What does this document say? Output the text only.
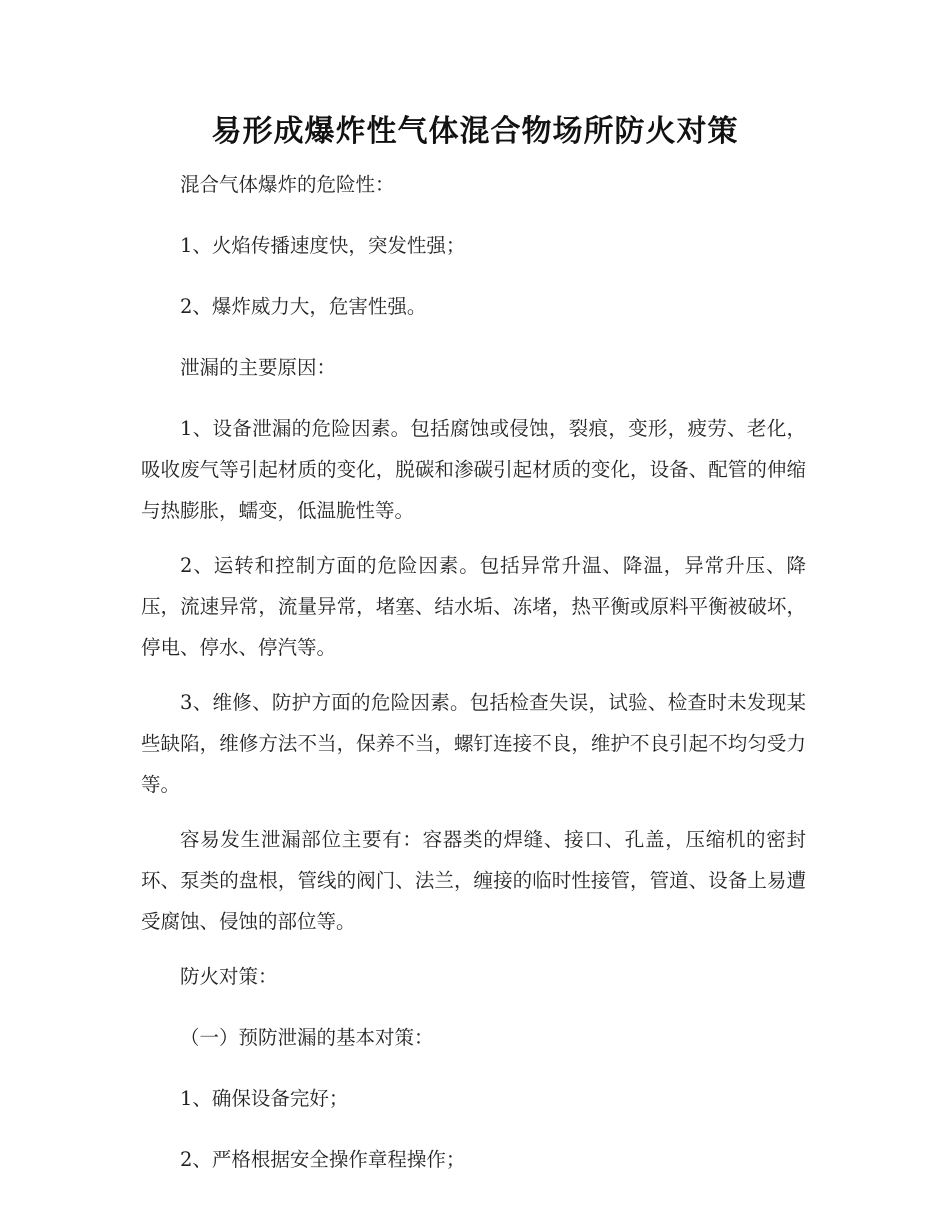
易形成爆炸性气体混合物场所防火对策

混合气体爆炸的危险性：

1、火焰传播速度快，突发性强；

2、爆炸威力大，危害性强。

泄漏的主要原因：

1、设备泄漏的危险因素。包括腐蚀或侵蚀，裂痕，变形，疲劳、老化，吸收废气等引起材质的变化，脱碳和渗碳引起材质的变化，设备、配管的伸缩与热膨胀，蠕变，低温脆性等。

2、运转和控制方面的危险因素。包括异常升温、降温，异常升压、降压，流速异常，流量异常，堵塞、结水垢、冻堵，热平衡或原料平衡被破坏，停电、停水、停汽等。

3、维修、防护方面的危险因素。包括检查失误，试验、检查时未发现某些缺陷，维修方法不当，保养不当，螺钉连接不良，维护不良引起不均匀受力等。

容易发生泄漏部位主要有：容器类的焊缝、接口、孔盖，压缩机的密封环、泵类的盘根，管线的阀门、法兰，缠接的临时性接管，管道、设备上易遭受腐蚀、侵蚀的部位等。

防火对策：

（一）预防泄漏的基本对策：

1、确保设备完好；

2、严格根据安全操作章程操作；
